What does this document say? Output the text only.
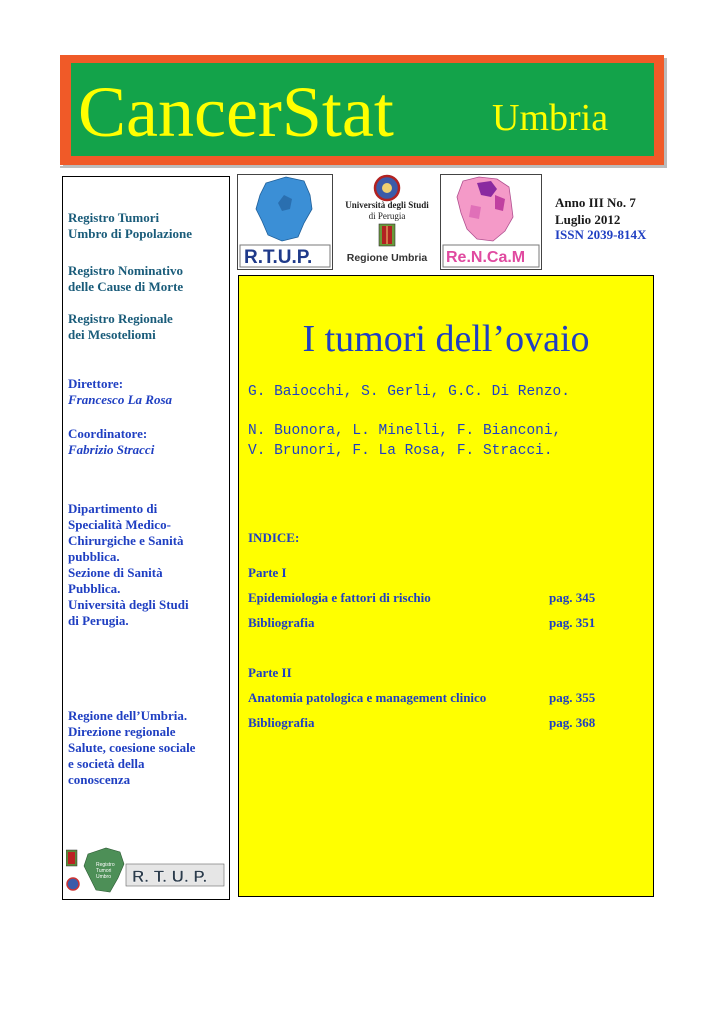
CancerStat	Umbria
Registro Tumori
Umbro di Popolazione
Registro Nominativo
delle Cause di Morte
Registro Regionale
dei Mesoteliomi
Direttore:
Francesco La Rosa
Coordinatore:
Fabrizio Stracci
Dipartimento di
Specialità Medico-
Chirurgiche e Sanità
pubblica.
Sezione di Sanità
Pubblica.
Università degli Studi
di Perugia.
Regione dell’Umbria.
Direzione regionale
Salute, coesione sociale
e società della
conoscenza
Registro
Tumori
Umbro R. T. U. P.
R.T.U.P.
Università degli Studi
di Perugia
Regione Umbria Re.N.Ca.M
Anno III No. 7
Luglio 2012
ISSN 2039-814X
I tumori dell’ovaio
G. Baiocchi, S. Gerli, G.C. Di Renzo.
N. Buonora, L. Minelli, F. Bianconi,
V. Brunori, F. La Rosa, F. Stracci.
INDICE:
Parte I
Epidemiologia e fattori di rischio	pag. 345
Bibliografia	pag. 351
Parte II
Anatomia patologica e management clinico	pag. 355
Bibliografia	pag. 368
